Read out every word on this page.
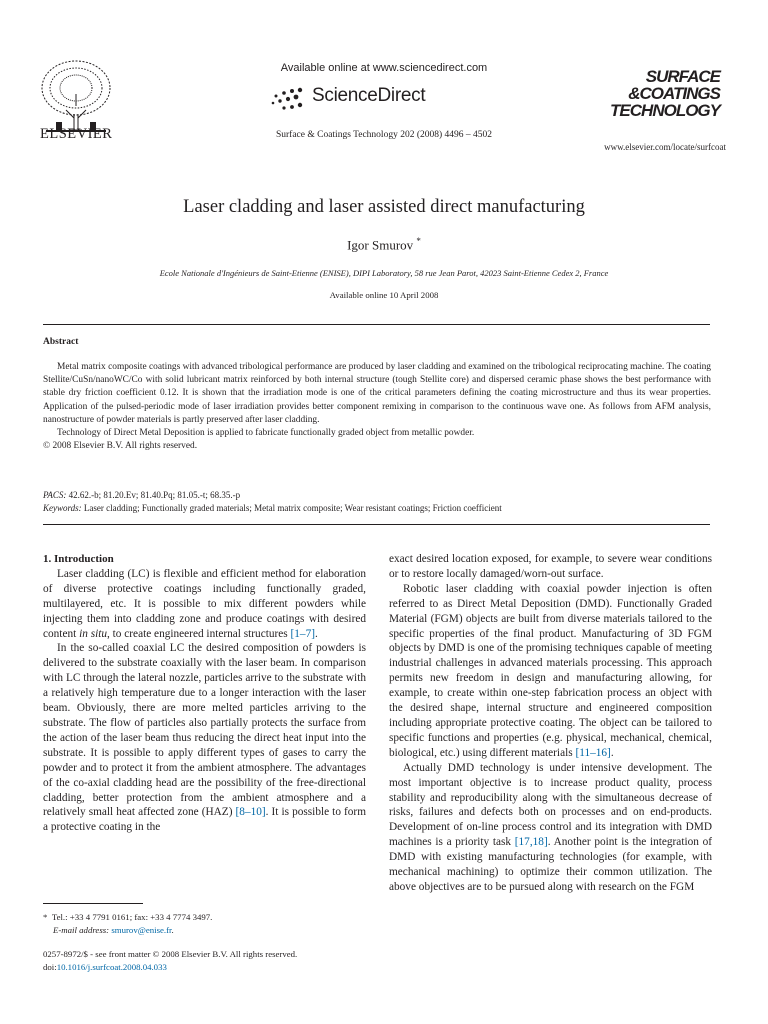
ELSEVIER
Available online at www.sciencedirect.com
ScienceDirect
Surface & Coatings Technology 202 (2008) 4496 – 4502
SURFACE
&COATINGS
TECHNOLOGY
www.elsevier.com/locate/surfcoat
Laser cladding and laser assisted direct manufacturing
Igor Smurov *
Ecole Nationale d'Ingénieurs de Saint-Etienne (ENISE), DIPI Laboratory, 58 rue Jean Parot, 42023 Saint-Etienne Cedex 2, France
Available online 10 April 2008
Abstract

Metal matrix composite coatings with advanced tribological performance are produced by laser cladding and examined on the tribological reciprocating machine. The coating Stellite/CuSn/nanoWC/Co with solid lubricant matrix reinforced by both internal structure (tough Stellite core) and dispersed ceramic phase shows the best performance with stable dry friction coefficient 0.12. It is shown that the irradiation mode is one of the critical parameters defining the coating microstructure and thus its wear properties. Application of the pulsed-periodic mode of laser irradiation provides better component remixing in comparison to the continuous wave one. As follows from AFM analysis, nanostructure of powder materials is partly preserved after laser cladding.

Technology of Direct Metal Deposition is applied to fabricate functionally graded object from metallic powder.

© 2008 Elsevier B.V. All rights reserved.

PACS: 42.62.-b; 81.20.Ev; 81.40.Pq; 81.05.-t; 68.35.-p
Keywords: Laser cladding; Functionally graded materials; Metal matrix composite; Wear resistant coatings; Friction coefficient

1. Introduction

Laser cladding (LC) is flexible and efficient method for elaboration of diverse protective coatings including functionally graded, multilayered, etc. It is possible to mix different powders while injecting them into cladding zone and produce coatings with desired content in situ, to create engineered internal structures [1–7].

In the so-called coaxial LC the desired composition of powders is delivered to the substrate coaxially with the laser beam. In comparison with LC through the lateral nozzle, particles arrive to the substrate with a relatively high temperature due to a longer interaction with the laser beam. Obviously, there are more melted particles arriving to the substrate. The flow of particles also partially protects the surface from the action of the laser beam thus reducing the direct heat input into the substrate. It is possible to apply different types of gases to carry the powder and to protect it from the ambient atmosphere. The advantages of the co-axial cladding head are the possibility of the free-directional cladding, better protection from the ambient atmosphere and a relatively small heat affected zone (HAZ) [8–10]. It is possible to form a protective coating in the

exact desired location exposed, for example, to severe wear conditions or to restore locally damaged/worn-out surface.

Robotic laser cladding with coaxial powder injection is often referred to as Direct Metal Deposition (DMD). Functionally Graded Material (FGM) objects are built from diverse materials tailored to the specific properties of the final product. Manufacturing of 3D FGM objects by DMD is one of the promising techniques capable of meeting industrial challenges in advanced materials processing. This approach permits new freedom in design and manufacturing allowing, for example, to create within one-step fabrication process an object with the desired shape, internal structure and engineered composition including appropriate protective coating. The object can be tailored to specific functions and properties (e.g. physical, mechanical, chemical, biological, etc.) using different materials [11–16].

Actually DMD technology is under intensive development. The most important objective is to increase product quality, process stability and reproducibility along with the simultaneous decrease of risks, failures and defects both on processes and on end-products. Development of on-line process control and its integration with DMD machines is a priority task [17,18]. Another point is the integration of DMD with existing manufacturing technologies (for example, with mechanical machining) to optimize their common utilization. The above objectives are to be pursued along with research on the FGM

* Tel.: +33 4 7791 0161; fax: +33 4 7774 3497.
E-mail address: smurov@enise.fr.
0257-8972/$ - see front matter © 2008 Elsevier B.V. All rights reserved.
doi:10.1016/j.surfcoat.2008.04.033
